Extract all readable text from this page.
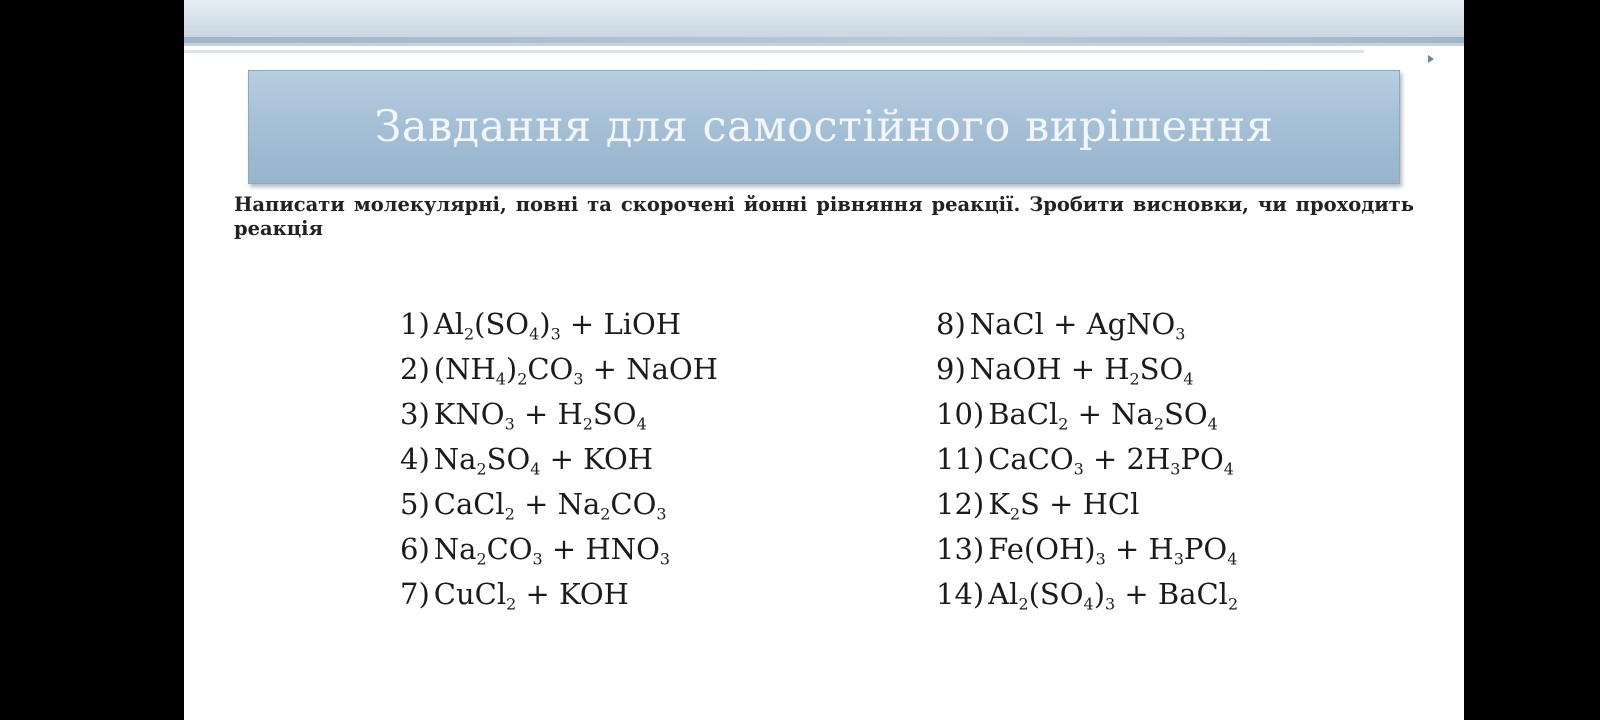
Завдання для самостійного вирішення
Написати молекулярні, повні та скорочені йонні рівняння реакції. Зробити висновки, чи проходить реакція
1) $Al_2(SO_4)_3$ + LiOH
2) $(NH_4)_2CO_3$ + NaOH
3) $KNO_3 + H_2SO_4$
4) $Na_2SO_4$ + KOH
5) CaCl$_2$ + $Na_2CO_3$
6) $Na_2CO_3 + HNO_3$
7) CuCl$_2$ + KOH
8) NaCl + AgNO$_3$
9) NaOH + $H_2SO_4$
10) BaCl$_2$ + $Na_2SO_4$
11) CaCO$_3$ + $2H_3PO_4$
12) $K_2S$ + HCl
13) $Fe(OH)_3 + H_3PO_4$
14) $Al_2(SO_4)_3$ + BaCl$_2$
